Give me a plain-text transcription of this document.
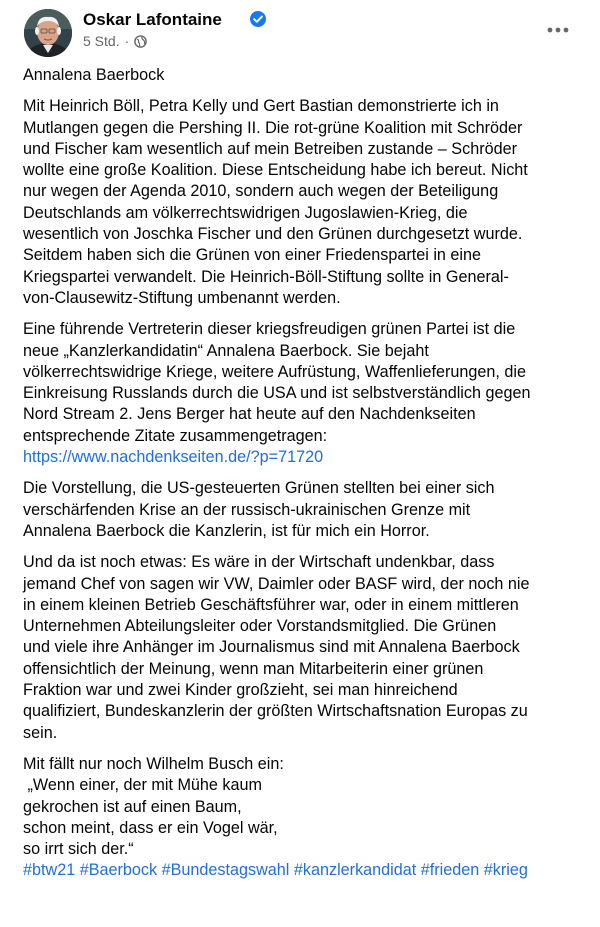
Oskar Lafontaine
5 Std. ·
Annalena Baerbock
Mit Heinrich Böll, Petra Kelly und Gert Bastian demonstrierte ich in
Mutlangen gegen die Pershing II. Die rot-grüne Koalition mit Schröder
und Fischer kam wesentlich auf mein Betreiben zustande – Schröder
wollte eine große Koalition. Diese Entscheidung habe ich bereut. Nicht
nur wegen der Agenda 2010, sondern auch wegen der Beteiligung
Deutschlands am völkerrechtswidrigen Jugoslawien-Krieg, die
wesentlich von Joschka Fischer und den Grünen durchgesetzt wurde.
Seitdem haben sich die Grünen von einer Friedenspartei in eine
Kriegspartei verwandelt. Die Heinrich-Böll-Stiftung sollte in General-
von-Clausewitz-Stiftung umbenannt werden.
Eine führende Vertreterin dieser kriegsfreudigen grünen Partei ist die
neue „Kanzlerkandidatin“ Annalena Baerbock. Sie bejaht
völkerrechtswidrige Kriege, weitere Aufrüstung, Waffenlieferungen, die
Einkreisung Russlands durch die USA und ist selbstverständlich gegen
Nord Stream 2. Jens Berger hat heute auf den Nachdenkseiten
entsprechende Zitate zusammengetragen:
https://www.nachdenkseiten.de/?p=71720
Die Vorstellung, die US-gesteuerten Grünen stellten bei einer sich
verschärfenden Krise an der russisch-ukrainischen Grenze mit
Annalena Baerbock die Kanzlerin, ist für mich ein Horror.
Und da ist noch etwas: Es wäre in der Wirtschaft undenkbar, dass
jemand Chef von sagen wir VW, Daimler oder BASF wird, der noch nie
in einem kleinen Betrieb Geschäftsführer war, oder in einem mittleren
Unternehmen Abteilungsleiter oder Vorstandsmitglied. Die Grünen
und viele ihre Anhänger im Journalismus sind mit Annalena Baerbock
offensichtlich der Meinung, wenn man Mitarbeiterin einer grünen
Fraktion war und zwei Kinder großzieht, sei man hinreichend
qualifiziert, Bundeskanzlerin der größten Wirtschaftsnation Europas zu
sein.
Mit fällt nur noch Wilhelm Busch ein:
„Wenn einer, der mit Mühe kaum
gekrochen ist auf einen Baum,
schon meint, dass er ein Vogel wär,
so irrt sich der.“
#btw21 #Baerbock #Bundestagswahl #kanzlerkandidat #frieden #krieg
